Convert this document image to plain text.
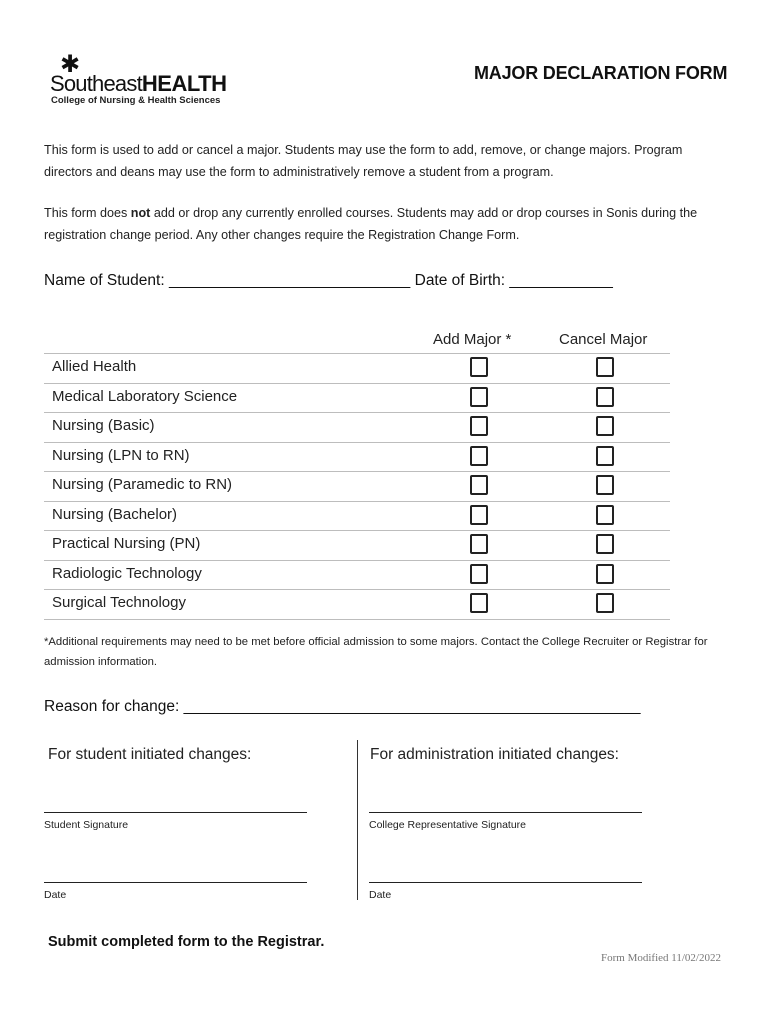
✱
SoutheastHEALTH
College of Nursing & Health Sciences
MAJOR DECLARATION FORM
This form is used to add or cancel a major. Students may use the form to add, remove, or change majors. Program directors and deans may use the form to administratively remove a student from a program.
This form does not add or drop any currently enrolled courses. Students may add or drop courses in Sonis during the registration change period. Any other changes require the Registration Change Form.
Name of Student: ____________________________ Date of Birth: ____________
Add Major *	Cancel Major
Allied Health
Medical Laboratory Science
Nursing (Basic)
Nursing (LPN to RN)
Nursing (Paramedic to RN)
Nursing (Bachelor)
Practical Nursing (PN)
Radiologic Technology
Surgical Technology
*Additional requirements may need to be met before official admission to some majors. Contact the College Recruiter or Registrar for admission information.
Reason for change: _____________________________________________________
For student initiated changes:	For administration initiated changes:
Student Signature
Date
College Representative Signature
Date
Submit completed form to the Registrar.
Form Modified 11/02/2022
